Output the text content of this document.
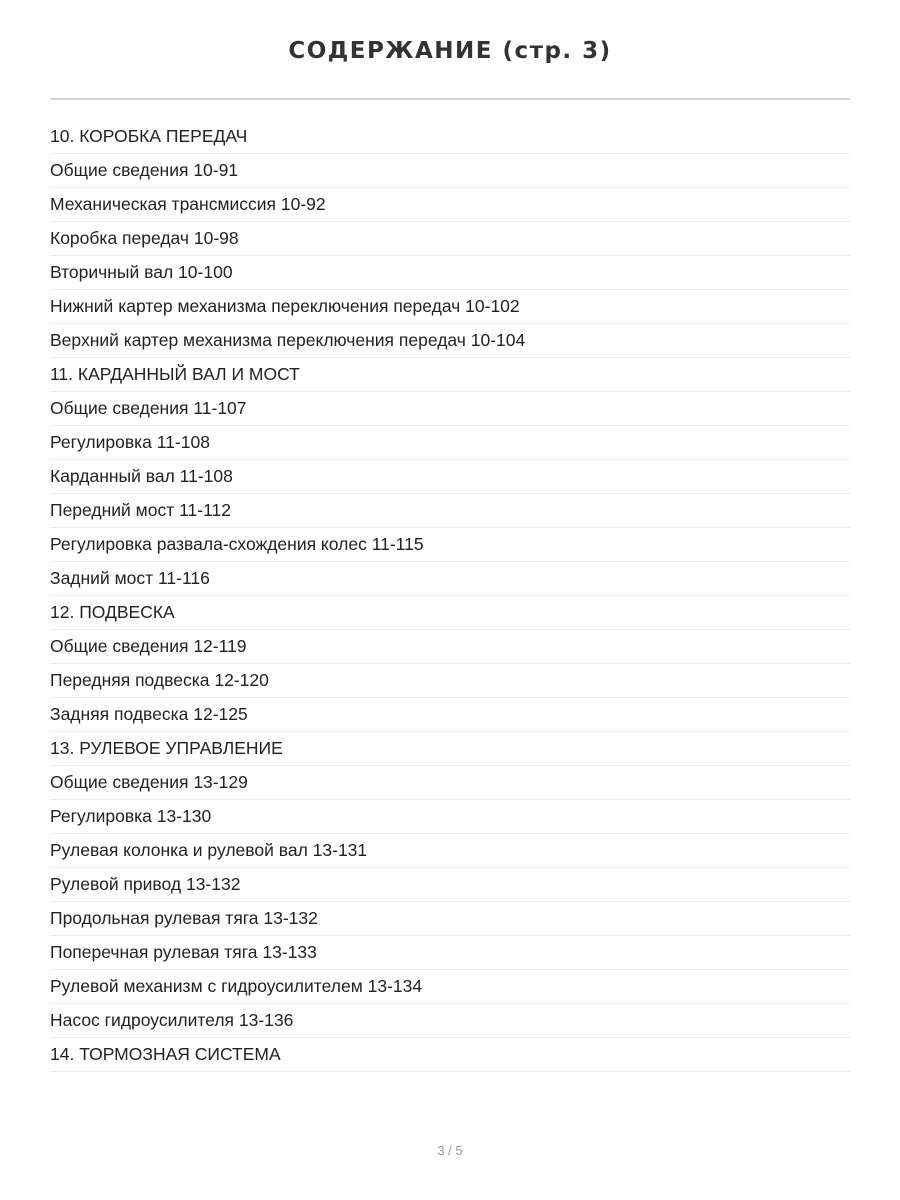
СОДЕРЖАНИЕ (стр. 3)
10. КОРОБКА ПЕРЕДАЧ
Общие сведения 10-91
Механическая трансмиссия 10-92
Коробка передач 10-98
Вторичный вал 10-100
Нижний картер механизма переключения передач 10-102
Верхний картер механизма переключения передач 10-104
11. КАРДАННЫЙ ВАЛ И МОСТ
Общие сведения 11-107
Регулировка 11-108
Карданный вал 11-108
Передний мост 11-112
Регулировка развала-схождения колес 11-115
Задний мост 11-116
12. ПОДВЕСКА
Общие сведения 12-119
Передняя подвеска 12-120
Задняя подвеска 12-125
13. РУЛЕВОЕ УПРАВЛЕНИЕ
Общие сведения 13-129
Регулировка 13-130
Рулевая колонка и рулевой вал 13-131
Рулевой привод 13-132
Продольная рулевая тяга 13-132
Поперечная рулевая тяга 13-133
Рулевой механизм с гидроусилителем 13-134
Насос гидроусилителя 13-136
14. ТОРМОЗНАЯ СИСТЕМА
3 / 5
